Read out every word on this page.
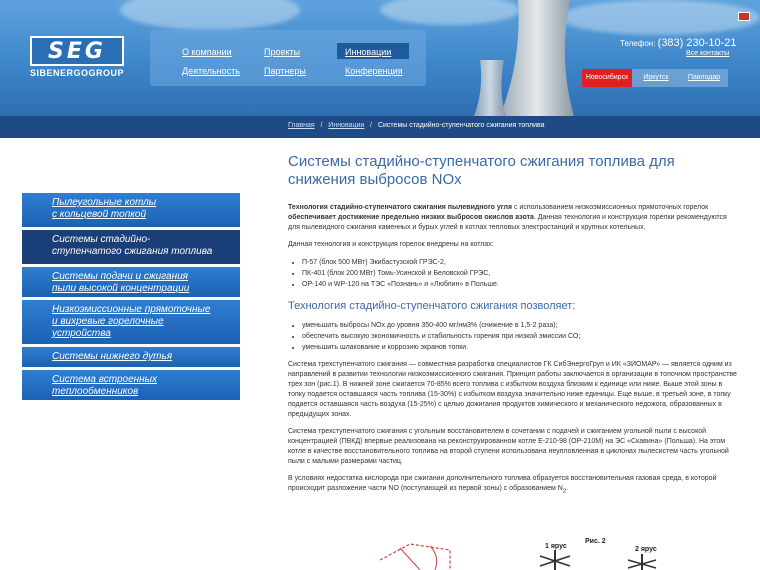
SEG
SIBENERGOGROUP
О компании
Деятельность
Проекты
Партнеры
Инновации
Конференция
Телефон: (383) 230-10-21
Все контакты
Новосибирск	Иркутск	Павлодар
Главная / Инновации / Системы стадийно-ступенчатого сжигания топлива
Пылеугольные котлы
с кольцевой топкой
Системы стадийно-
ступенчатого сжигания топлива
Системы подачи и сжигания
пыли высокой концентрации
Низкоэмиссионные прямоточные
и вихревые горелочные
устройства
Системы нижнего дутья
Система встроенных
теплообменников
Системы стадийно-ступенчатого сжигания топлива для снижения выбросов NOx

Технология стадийно-ступенчатого сжигания пылевидного угля с использованием низкоэмиссионных прямоточных горелок обеспечивает достижение предельно низких выбросов окислов азота. Данная технология и конструкция горелки рекомендуются для пылевидного сжигания каменных и бурых углей в котлах тепловых электростанций и крупных котельных.

Данная технология и конструкция горелок внедрены на котлах:

• П-57 (блок 500 МВт) Экибастузской ГРЭС-2,
• ПК-401 (блок 200 МВт) Томь-Усинской и Беловской ГРЭС,
• ОР-140 и WP-120 на ТЭС «Познань» и «Люблин» в Польше.
Технология стадийно-ступенчатого сжигания позволяет:
• уменьшить выбросы NOx до уровня 350-400 мг/нм3% (снижение в 1,5-2 раза);
• обеспечить высокую экономичность и стабильность горения при низкой эмиссии СО;
• уменьшить шлакование и коррозию экранов топки.

Система трехступенчатого сжигания — совместная разработка специалистов ГК СибЭнергоГруп и ИК «ЗИОМАР» — является одним из направлений в развитии технологии низкоэмиссионного сжигания. Принцип работы заключается в организации в топочном пространстве трех зон (рис.1). В нижней зоне сжигается 70-85% всего топлива с избытком воздуха близким к единице или ниже. Выше этой зоны в топку подается оставшаяся часть топлива (15-30%) с избытком воздуха значительно ниже единицы. Еще выше, в третьей зоне, в топку подается оставшаяся часть воздуха (15-25%) с целью дожигания продуктов химического и механического недожога, образованных в предыдущих зонах.

Система трехступенчатого сжигания с угольным восстановителем в сочетании с подачей и сжиганием угольной пыли с высокой концентрацией (ПВКД) впервые реализована на реконструированном котле Е-210-98 (ОР-210М) на ЭС «Скавина» (Польша). На этом котле в качестве восстановительного топлива на второй ступени использована неупловленная в циклонах пылесистем часть угольной пыли с малыми размерами частиц.

В условиях недостатка кислорода при сжигании дополнительного топлива образуется восстановительная газовая среда, в которой происходит разложение части NO (поступающей из первой зоны) с образованием $N_2$.

1 ярус
Рис. 2
2 ярус
